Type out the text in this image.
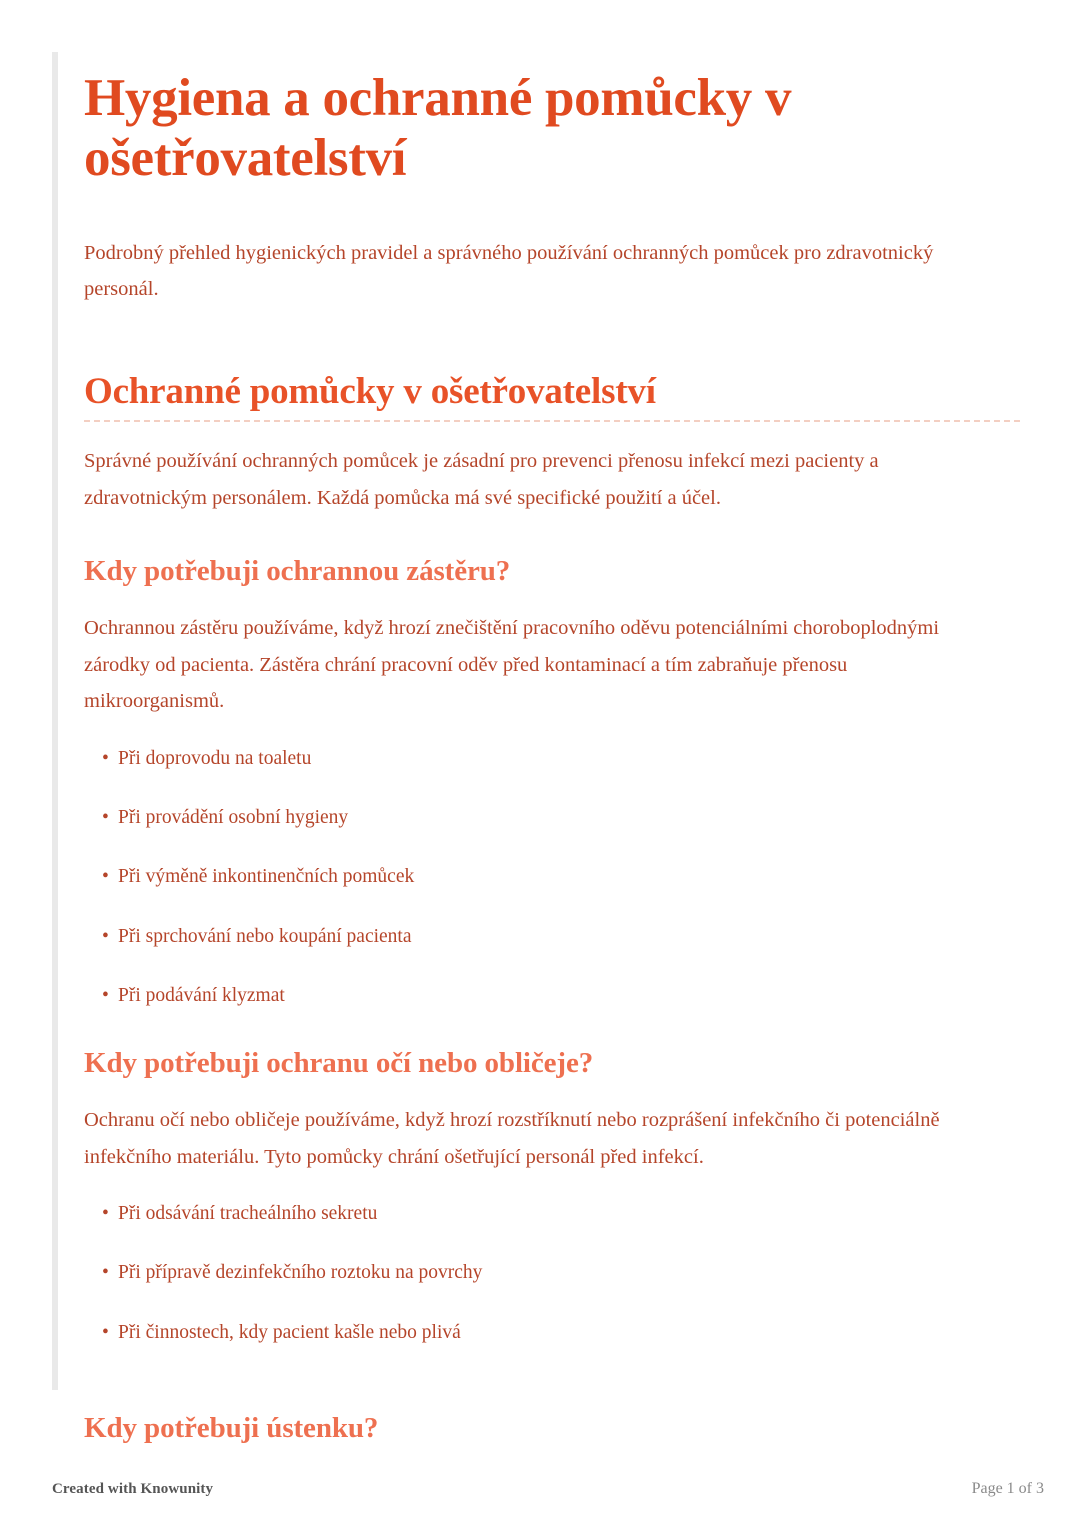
Hygiena a ochranné pomůcky v ošetřovatelství

Podrobný přehled hygienických pravidel a správného používání ochranných pomůcek pro zdravotnický personál.

Ochranné pomůcky v ošetřovatelství

Správné používání ochranných pomůcek je zásadní pro prevenci přenosu infekcí mezi pacienty a zdravotnickým personálem. Každá pomůcka má své specifické použití a účel.

Kdy potřebuji ochrannou zástěru?

Ochrannou zástěru používáme, když hrozí znečištění pracovního oděvu potenciálními choroboplodnými zárodky od pacienta. Zástěra chrání pracovní oděv před kontaminací a tím zabraňuje přenosu mikroorganismů.

• Při doprovodu na toaletu
• Při provádění osobní hygieny
• Při výměně inkontinenčních pomůcek
• Při sprchování nebo koupání pacienta
• Při podávání klyzmat
Kdy potřebuji ochranu očí nebo obličeje?

Ochranu očí nebo obličeje používáme, když hrozí rozstříknutí nebo rozprášení infekčního či potenciálně infekčního materiálu. Tyto pomůcky chrání ošetřující personál před infekcí.

• Při odsávání tracheálního sekretu
• Při přípravě dezinfekčního roztoku na povrchy
• Při činnostech, kdy pacient kašle nebo plivá
Kdy potřebuji ústenku?
Created with Knowunity	Page 1 of 3
